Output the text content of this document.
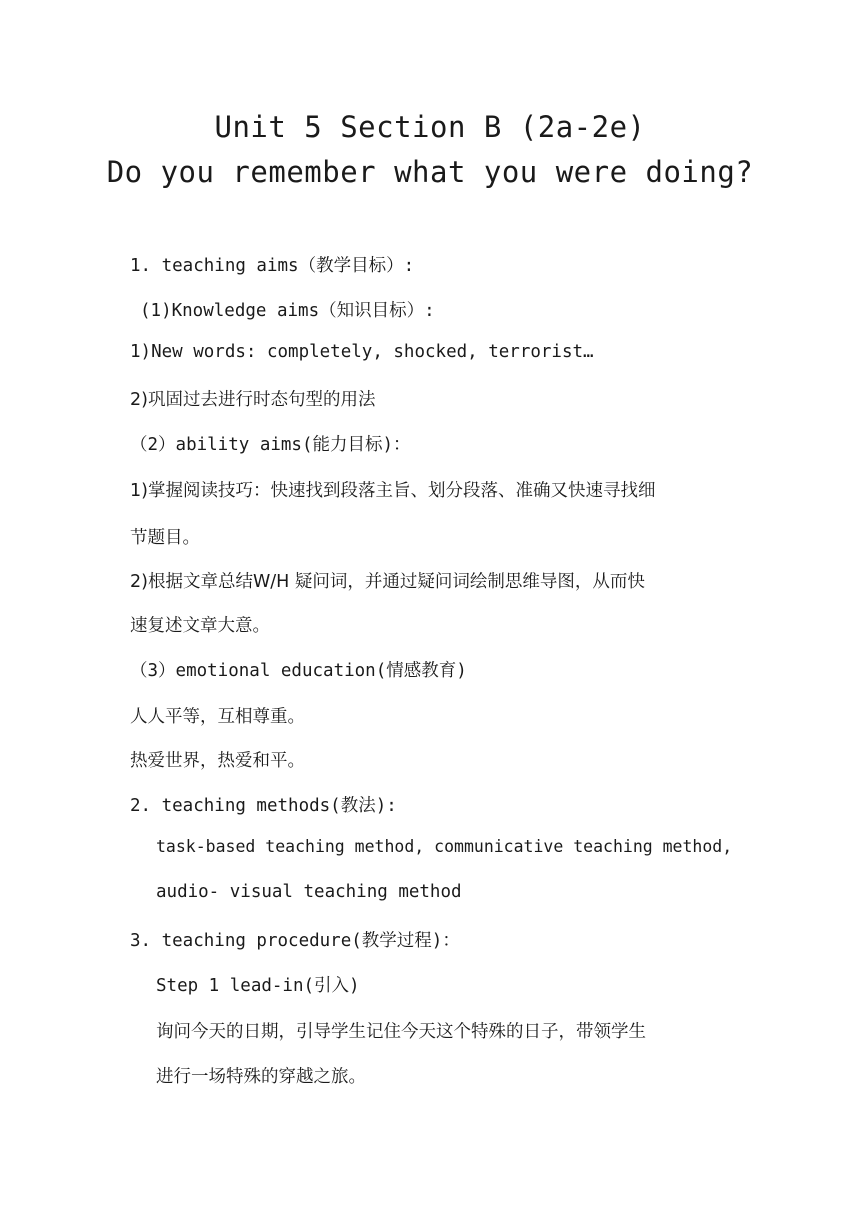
Unit 5 Section B (2a-2e)
Do you remember what you were doing?
1. teaching aims（教学目标）:
(1)Knowledge aims（知识目标）:
1)New words: completely, shocked, terrorist…
2)巩固过去进行时态句型的用法
（2）ability aims(能力目标)：
1)掌握阅读技巧：快速找到段落主旨、划分段落、准确又快速寻找细
节题目。
2)根据文章总结W/H 疑问词，并通过疑问词绘制思维导图，从而快
速复述文章大意。
（3）emotional education(情感教育)
人人平等，互相尊重。
热爱世界，热爱和平。
2. teaching methods(教法):
task-based teaching method, communicative teaching method,
audio- visual teaching method
3. teaching procedure(教学过程)：
Step 1 lead-in(引入)
询问今天的日期，引导学生记住今天这个特殊的日子，带领学生
进行一场特殊的穿越之旅。
